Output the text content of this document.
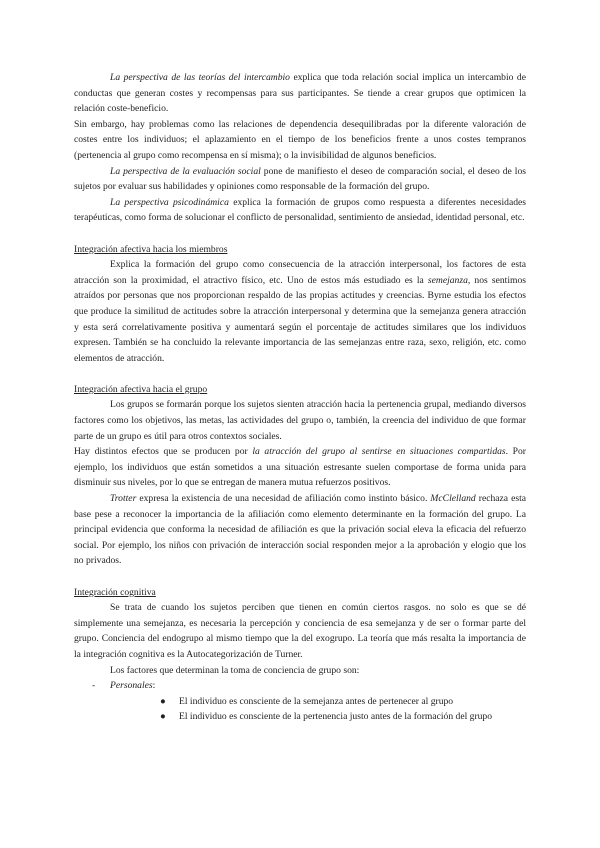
La perspectiva de las teorías del intercambio explica que toda relación social implica un intercambio de conductas que generan costes y recompensas para sus participantes. Se tiende a crear grupos que optimicen la relación coste-beneficio.

Sin embargo, hay problemas como las relaciones de dependencia desequilibradas por la diferente valoración de costes entre los individuos; el aplazamiento en el tiempo de los beneficios frente a unos costes tempranos (pertenencia al grupo como recompensa en sí misma); o la invisibilidad de algunos beneficios.

La perspectiva de la evaluación social pone de manifiesto el deseo de comparación social, el deseo de los sujetos por evaluar sus habilidades y opiniones como responsable de la formación del grupo.

La perspectiva psicodinámica explica la formación de grupos como respuesta a diferentes necesidades terapéuticas, como forma de solucionar el conflicto de personalidad, sentimiento de ansiedad, identidad personal, etc.

Integración afectiva hacia los miembros

Explica la formación del grupo como consecuencia de la atracción interpersonal, los factores de esta atracción son la proximidad, el atractivo físico, etc. Uno de estos más estudiado es la semejanza, nos sentimos atraídos por personas que nos proporcionan respaldo de las propias actitudes y creencias. Byrne estudia los efectos que produce la similitud de actitudes sobre la atracción interpersonal y determina que la semejanza genera atracción y esta será correlativamente positiva y aumentará según el porcentaje de actitudes similares que los individuos expresen. También se ha concluido la relevante importancia de las semejanzas entre raza, sexo, religión, etc. como elementos de atracción.

Integración afectiva hacia el grupo

Los grupos se formarán porque los sujetos sienten atracción hacia la pertenencia grupal, mediando diversos factores como los objetivos, las metas, las actividades del grupo o, también, la creencia del individuo de que formar parte de un grupo es útil para otros contextos sociales.

Hay distintos efectos que se producen por la atracción del grupo al sentirse en situaciones compartidas. Por ejemplo, los individuos que están sometidos a una situación estresante suelen comportase de forma unida para disminuir sus niveles, por lo que se entregan de manera mutua refuerzos positivos.

Trotter expresa la existencia de una necesidad de afiliación como instinto básico. McClelland rechaza esta base pese a reconocer la importancia de la afiliación como elemento determinante en la formación del grupo. La principal evidencia que conforma la necesidad de afiliación es que la privación social eleva la eficacia del refuerzo social. Por ejemplo, los niños con privación de interacción social responden mejor a la aprobación y elogio que los no privados.

Integración cognitiva

Se trata de cuando los sujetos perciben que tienen en común ciertos rasgos. no solo es que se dé simplemente una semejanza, es necesaria la percepción y conciencia de esa semejanza y de ser o formar parte del grupo. Conciencia del endogrupo al mismo tiempo que la del exogrupo. La teoría que más resalta la importancia de la integración cognitiva es la Autocategorización de Turner.

Los factores que determinan la toma de conciencia de grupo son:

- Personales:
● El individuo es consciente de la semejanza antes de pertenecer al grupo
● El individuo es consciente de la pertenencia justo antes de la formación del grupo
